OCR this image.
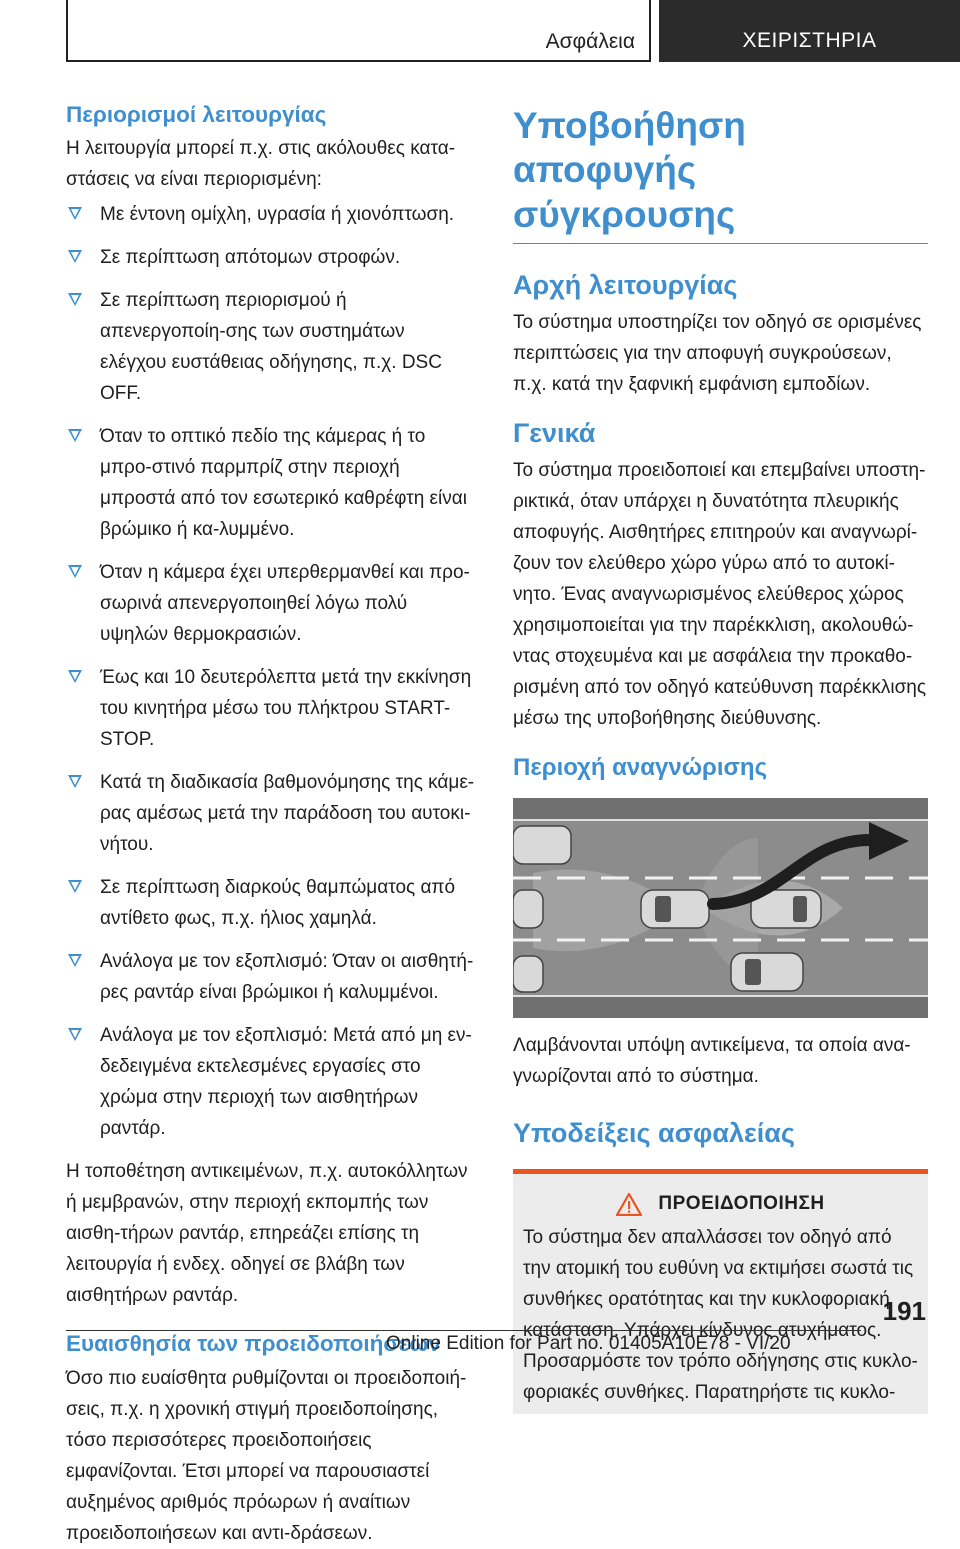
Ασφάλεια	ΧΕΙΡΙΣΤΗΡΙΑ
Περιορισμοί λειτουργίας

Η λειτουργία μπορεί π.χ. στις ακόλουθες κατα-στάσεις να είναι περιορισμένη:

Με έντονη ομίχλη, υγρασία ή χιονόπτωση.
Σε περίπτωση απότομων στροφών.
Σε περίπτωση περιορισμού ή απενεργοποίη-σης των συστημάτων ελέγχου ευστάθειας οδήγησης, π.χ. DSC OFF.
Όταν το οπτικό πεδίο της κάμερας ή το μπρο-στινό παρμπρίζ στην περιοχή μπροστά από τον εσωτερικό καθρέφτη είναι βρώμικο ή κα-λυμμένο.
Όταν η κάμερα έχει υπερθερμανθεί και προ-σωρινά απενεργοποιηθεί λόγω πολύ υψηλών θερμοκρασιών.
Έως και 10 δευτερόλεπτα μετά την εκκίνηση του κινητήρα μέσω του πλήκτρου START-STOP.
Κατά τη διαδικασία βαθμονόμησης της κάμε-ρας αμέσως μετά την παράδοση του αυτοκι-νήτου.
Σε περίπτωση διαρκούς θαμπώματος από αντίθετο φως, π.χ. ήλιος χαμηλά.
Ανάλογα με τον εξοπλισμό: Όταν οι αισθητή-ρες ραντάρ είναι βρώμικοι ή καλυμμένοι.
Ανάλογα με τον εξοπλισμό: Μετά από μη εν-δεδειγμένα εκτελεσμένες εργασίες στο χρώμα στην περιοχή των αισθητήρων ραντάρ.

Η τοποθέτηση αντικειμένων, π.χ. αυτοκόλλητων ή μεμβρανών, στην περιοχή εκπομπής των αισθη-τήρων ραντάρ, επηρεάζει επίσης τη λειτουργία ή ενδεχ. οδηγεί σε βλάβη των αισθητήρων ραντάρ.

Ευαισθησία των προειδοποιήσεων

Όσο πιο ευαίσθητα ρυθμίζονται οι προειδοποιή-σεις, π.χ. η χρονική στιγμή προειδοποίησης, τόσο περισσότερες προειδοποιήσεις εμφανίζονται. Έτσι μπορεί να παρουσιαστεί αυξημένος αριθμός πρόωρων ή αναίτιων προειδοποιήσεων και αντι-δράσεων.

Υποβοήθηση αποφυγής σύγκρουσης
Αρχή λειτουργίας

Το σύστημα υποστηρίζει τον οδηγό σε ορισμένες περιπτώσεις για την αποφυγή συγκρούσεων, π.χ. κατά την ξαφνική εμφάνιση εμποδίων.

Γενικά

Το σύστημα προειδοποιεί και επεμβαίνει υποστη-ρικτικά, όταν υπάρχει η δυνατότητα πλευρικής αποφυγής. Αισθητήρες επιτηρούν και αναγνωρί-ζουν τον ελεύθερο χώρο γύρω από το αυτοκί-νητο. Ένας αναγνωρισμένος ελεύθερος χώρος χρησιμοποιείται για την παρέκκλιση, ακολουθώ-ντας στοχευμένα και με ασφάλεια την προκαθο-ρισμένη από τον οδηγό κατεύθυνση παρέκκλισης μέσω της υποβοήθησης διεύθυνσης.

Περιοχή αναγνώρισης

Λαμβάνονται υπόψη αντικείμενα, τα οποία ανα-γνωρίζονται από το σύστημα.

Υποδείξεις ασφαλείας
ΠΡΟΕΙΔΟΠΟΙΗΣΗ

Το σύστημα δεν απαλλάσσει τον οδηγό από την ατομική του ευθύνη να εκτιμήσει σωστά τις συνθήκες ορατότητας και την κυκλοφοριακή κατάσταση. Υπάρχει κίνδυνος ατυχήματος. Προσαρμόστε τον τρόπο οδήγησης στις κυκλο-φοριακές συνθήκες. Παρατηρήστε τις κυκλο-

191
Online Edition for Part no. 01405A10E78 - VI/20
